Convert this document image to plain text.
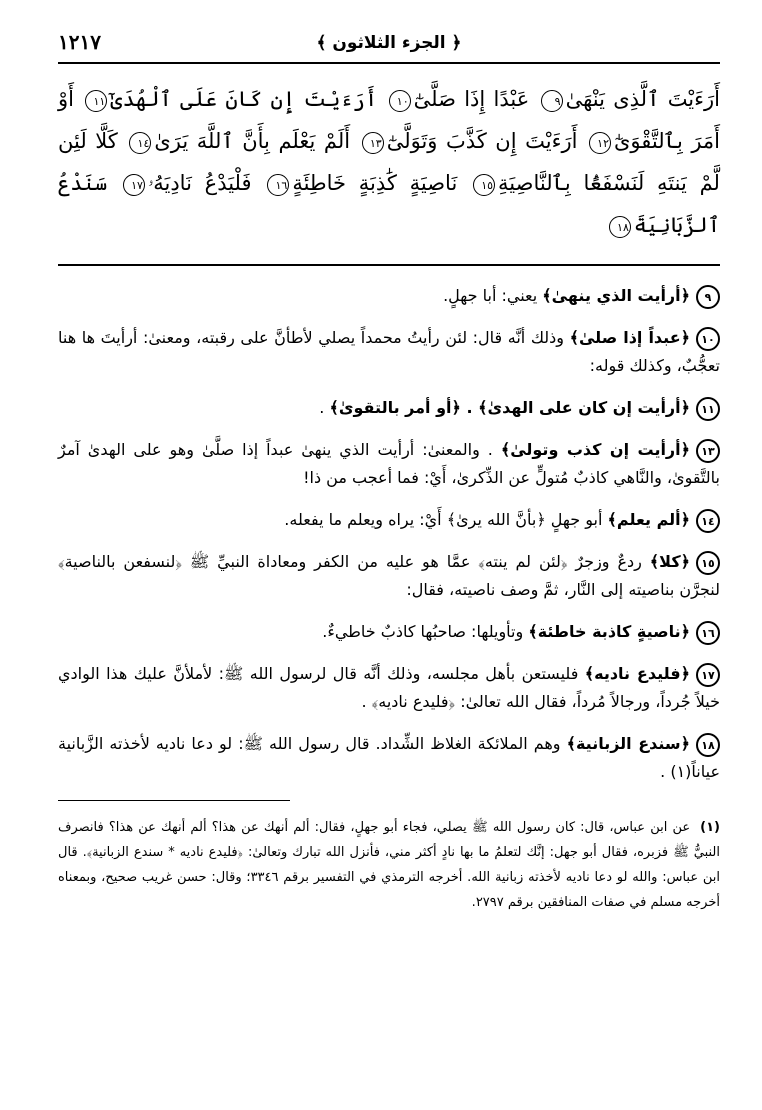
﴿ الجزء الثلاثون ﴾
١٢١٧
أَرَءَيْتَ ٱلَّذِى يَنْهَىٰ٩ عَبْدًا إِذَا صَلَّىٰٓ١٠ أَرَءَيْتَ إِن كَانَ عَلَى ٱلْهُدَىٰٓ١١ أَوْ أَمَرَ بِٱلتَّقْوَىٰٓ١٢ أَرَءَيْتَ إِن كَذَّبَ وَتَوَلَّىٰٓ١٣ أَلَمْ يَعْلَم بِأَنَّ ٱللَّهَ يَرَىٰ١٤ كَلَّا لَئِن لَّمْ يَنتَهِ لَنَسْفَعًۢا بِٱلنَّاصِيَةِ١٥ نَاصِيَةٍ كَٰذِبَةٍ خَاطِئَةٍ١٦ فَلْيَدْعُ نَادِيَهُۥ١٧ سَنَدْعُ ٱلزَّبَانِيَةَ١٨
٩﴿أرأيت الذي ينهىٰ﴾ يعني: أبا جهلٍ.
١٠﴿عبداً إذا صلىٰ﴾ وذلك أنَّه قال: لئن رأيتُ محمداً يصلي لأطأنَّ على رقبته، ومعنىٰ: أرأيتَ ها هنا تعجُّبٌ، وكذلك قوله:
١١﴿أرأيت إن كان على الهدىٰ﴾ . ﴿أو أمر بالتقوىٰ﴾ .
١٣﴿أرأيت إن كذب وتولىٰ﴾ . والمعنىٰ: أرأيت الذي ينهىٰ عبداً إذا صلَّىٰ وهو على الهدىٰ آمرٌ بالتَّقوىٰ، والنَّاهي كاذبٌ مُتولٍّ عن الذِّكرىٰ، أَيْ: فما أعجب من ذا!
١٤﴿ألم يعلم﴾ أبو جهلٍ ﴿بأنَّ الله يرىٰ﴾ أَيْ: يراه ويعلم ما يفعله.
١٥﴿كلا﴾ ردعٌ وزجرٌ ﴿لئن لم ينته﴾ عمَّا هو عليه من الكفر ومعاداة النبيِّ ﷺ ﴿لنسفعن بالناصية﴾ لنجرَّن بناصيته إلى النَّار، ثمَّ وصف ناصيته، فقال:
١٦﴿ناصيةٍ كاذبة خاطئة﴾ وتأويلها: صاحبُها كاذبٌ خاطيءٌ.
١٧﴿فليدع ناديه﴾ فليستعن بأهل مجلسه، وذلك أنَّه قال لرسول الله ﷺ: لأملأنَّ عليك هذا الوادي خيلاً جُرداً، ورجالاً مُرداً، فقال الله تعالىٰ: ﴿فليدع ناديه﴾ .
١٨﴿سندع الزبانية﴾ وهم الملائكة الغلاظ الشِّداد. قال رسول الله ﷺ: لو دعا ناديه لأخذته الزَّبانية عياناً(١) .
(١)عن ابن عباس، قال: كان رسول الله ﷺ يصلي، فجاء أبو جهلٍ، فقال: ألم أنهك عن هذا؟ ألم أنهك عن هذا؟ فانصرف النبيُّ ﷺ فزبره، فقال أبو جهل: إنَّك لتعلمُ ما بها نادٍ أكثر مني، فأنزل الله تبارك وتعالىٰ: ﴿فليدع ناديه * سندع الزبانية﴾. قال ابن عباس: والله لو دعا ناديه لأخذته زبانية الله. أخرجه الترمذي في التفسير برقم ٣٣٤٦؛ وقال: حسن غريب صحيح، وبمعناه أخرجه مسلم في صفات المنافقين برقم ٢٧٩٧.
